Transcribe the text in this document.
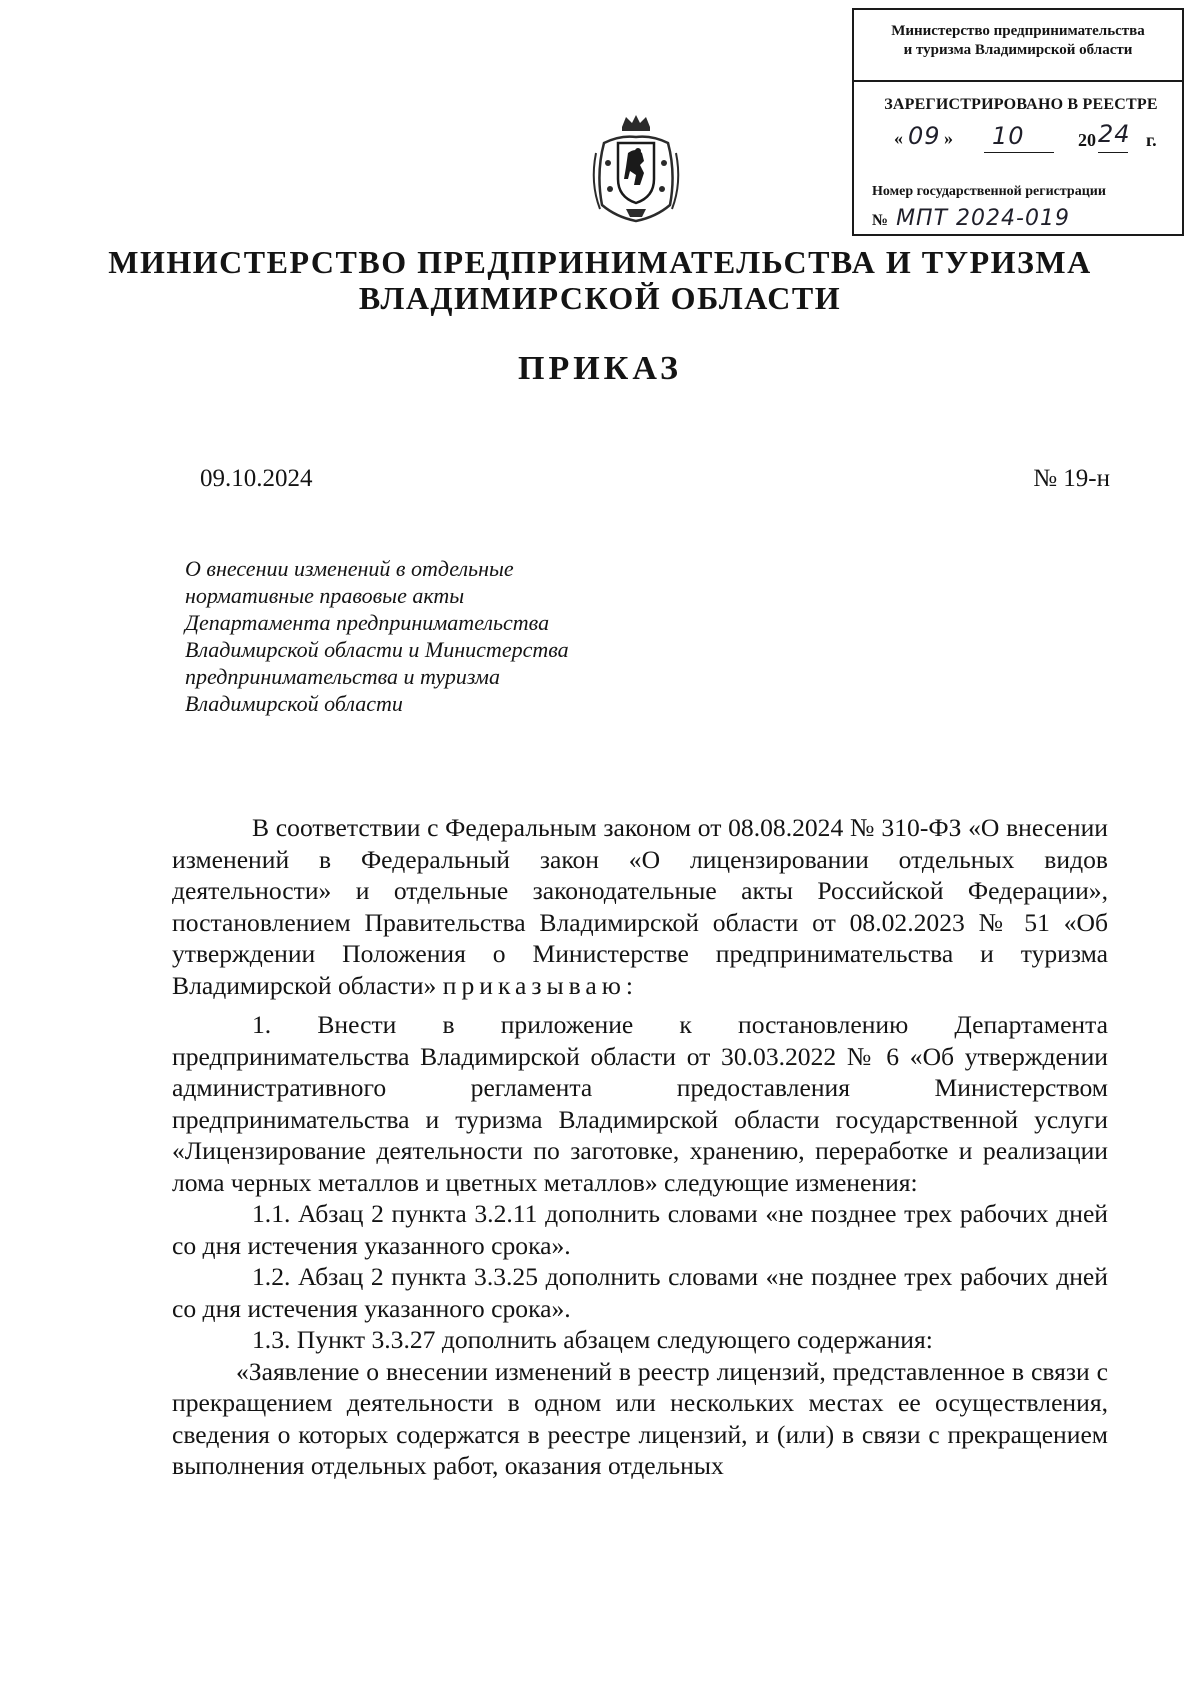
Министерство предпринимательства
и туризма Владимирской области
ЗАРЕГИСТРИРОВАНО В РЕЕСТРЕ
« 09 » 10	20 24 г.
Номер государственной регистрации
№ МПТ 2024-019
МИНИСТЕРСТВО ПРЕДПРИНИМАТЕЛЬСТВА И ТУРИЗМА
ВЛАДИМИРСКОЙ ОБЛАСТИ
ПРИКАЗ
09.10.2024	№ 19-н
О внесении изменений в отдельные
нормативные правовые акты
Департамента предпринимательства
Владимирской области и Министерства
предпринимательства и туризма
Владимирской области

В соответствии с Федеральным законом от 08.08.2024 № 310-ФЗ «О внесении изменений в Федеральный закон «О лицензировании отдельных видов деятельности» и отдельные законодательные акты Российской Федерации», постановлением Правительства Владимирской области от 08.02.2023 № 51 «Об утверждении Положения о Министерстве предпринимательства и туризма Владимирской области» приказываю:

1. Внести в приложение к постановлению Департамента предпринимательства Владимирской области от 30.03.2022 № 6 «Об утверждении административного регламента предоставления Министерством предпринимательства и туризма Владимирской области государственной услуги «Лицензирование деятельности по заготовке, хранению, переработке и реализации лома черных металлов и цветных металлов» следующие изменения:

1.1. Абзац 2 пункта 3.2.11 дополнить словами «не позднее трех рабочих дней со дня истечения указанного срока».

1.2. Абзац 2 пункта 3.3.25 дополнить словами «не позднее трех рабочих дней со дня истечения указанного срока».

1.3. Пункт 3.3.27 дополнить абзацем следующего содержания:

«Заявление о внесении изменений в реестр лицензий, представленное в связи с прекращением деятельности в одном или нескольких местах ее осуществления, сведения о которых содержатся в реестре лицензий, и (или) в связи с прекращением выполнения отдельных работ, оказания отдельных
